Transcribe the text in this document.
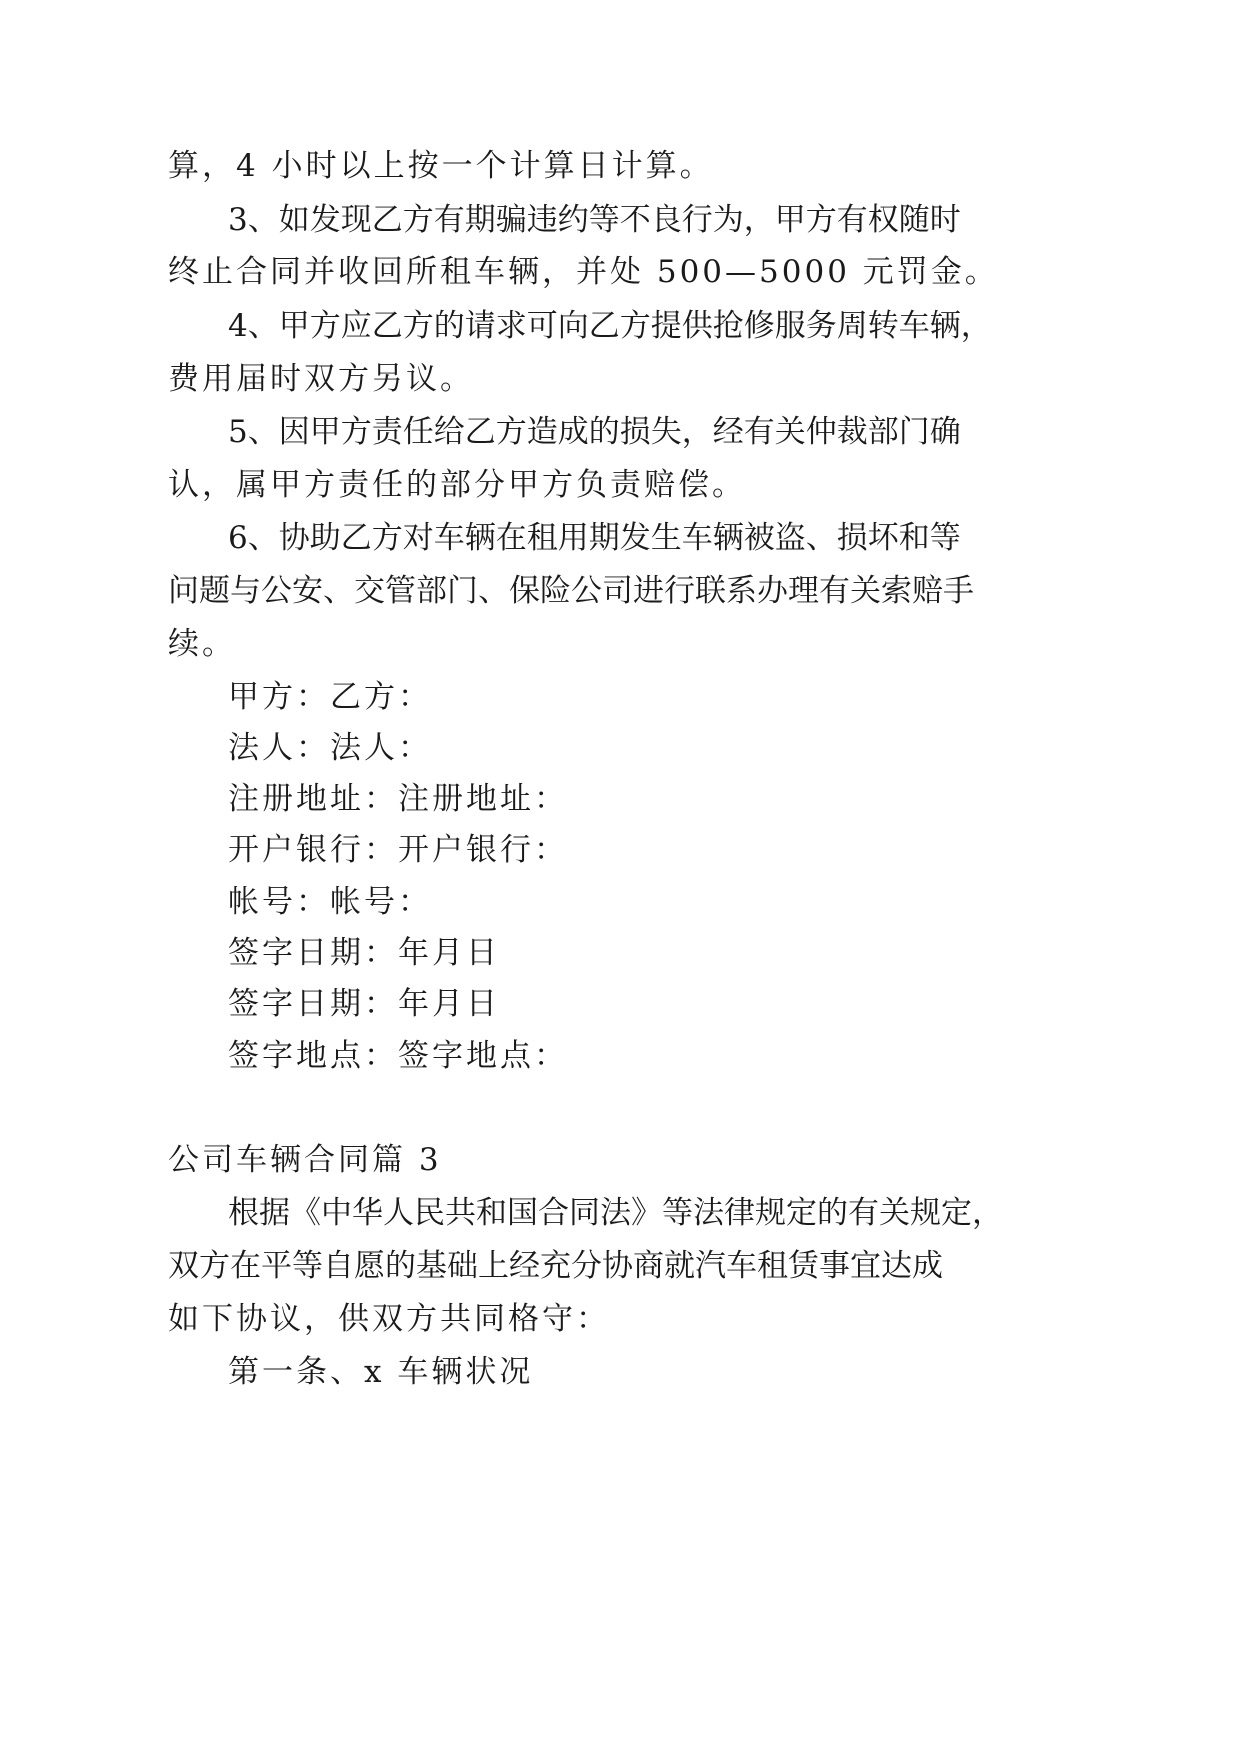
算，4 小时以上按一个计算日计算。
3、如发现乙方有期骗违约等不良行为，甲方有权随时
终止合同并收回所租车辆，并处 500—5000 元罚金。
4、甲方应乙方的请求可向乙方提供抢修服务周转车辆，
费用届时双方另议。
5、因甲方责任给乙方造成的损失，经有关仲裁部门确
认，属甲方责任的部分甲方负责赔偿。
6、协助乙方对车辆在租用期发生车辆被盗、损坏和等
问题与公安、交管部门、保险公司进行联系办理有关索赔手
续。
甲方：乙方：
法人：法人：
注册地址：注册地址：
开户银行：开户银行：
帐号：帐号：
签字日期：年月日
签字日期：年月日
签字地点：签字地点：
公司车辆合同篇 3
根据《中华人民共和国合同法》等法律规定的有关规定，
双方在平等自愿的基础上经充分协商就汽车租赁事宜达成
如下协议，供双方共同格守：
第一条、x 车辆状况
